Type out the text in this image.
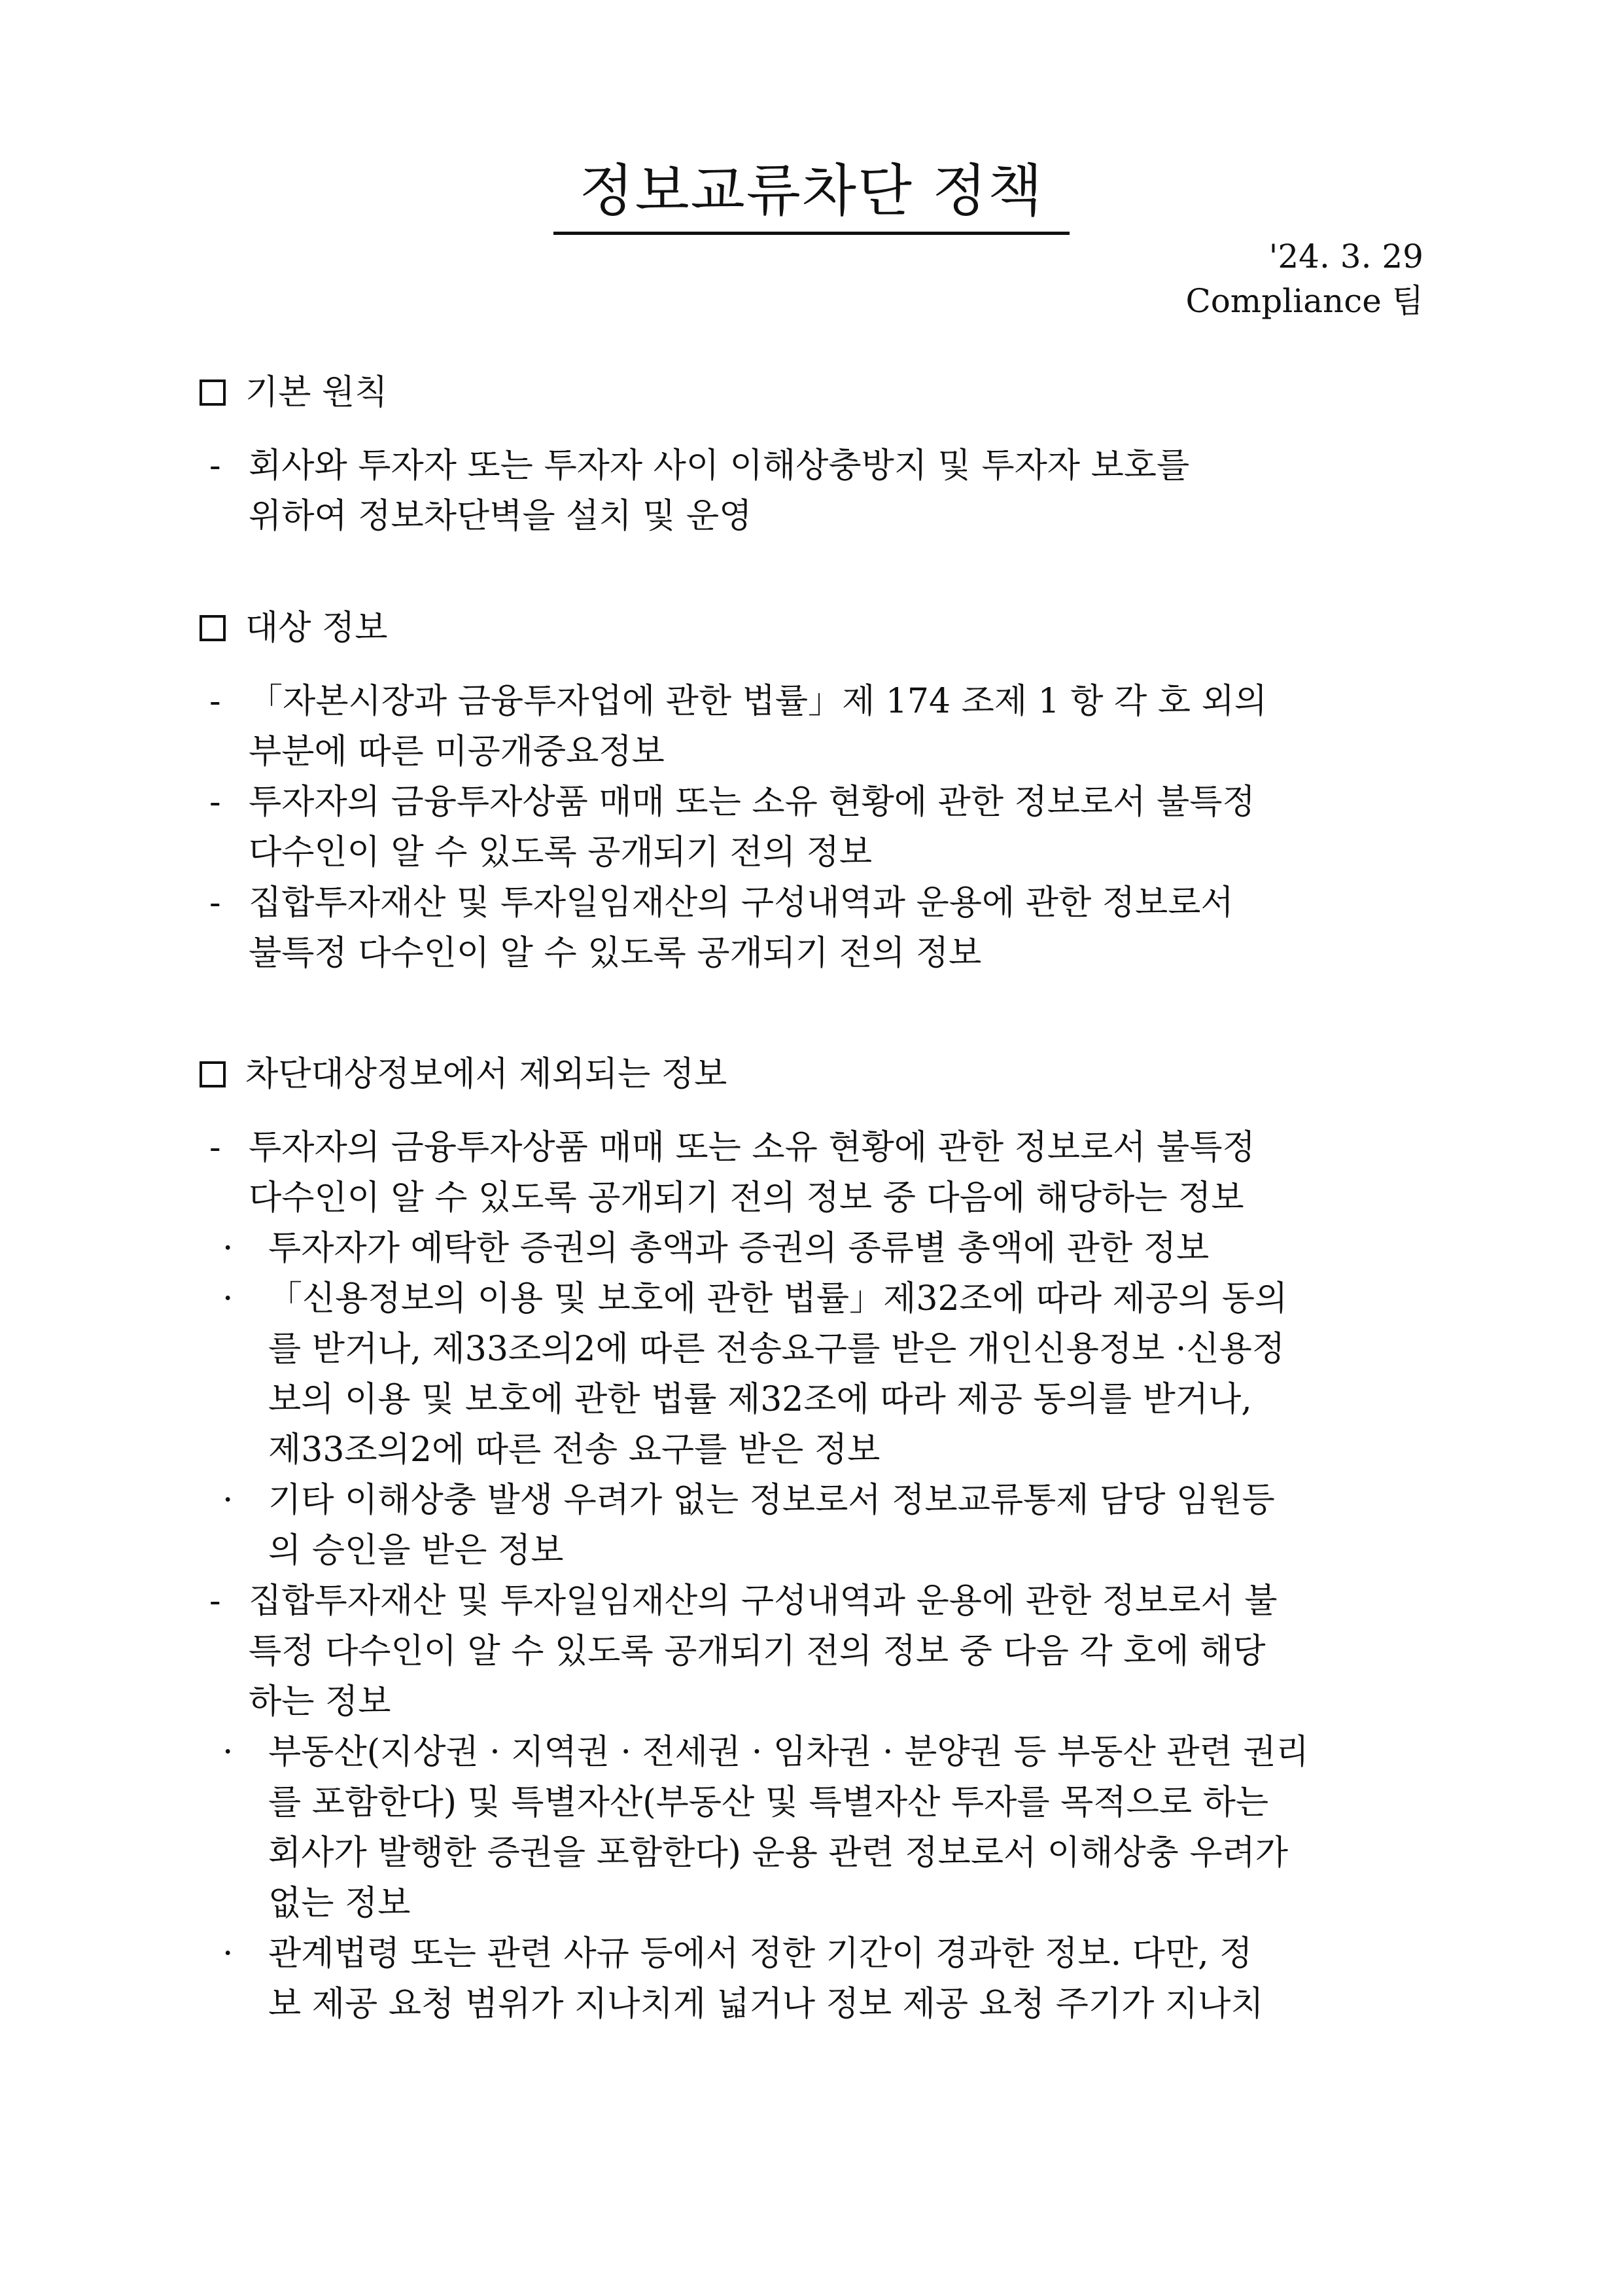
정보교류차단 정책
'24. 3. 29
Compliance 팀
기본 원칙
- 회사와 투자자 또는 투자자 사이 이해상충방지 및 투자자 보호를
위하여 정보차단벽을 설치 및 운영
대상 정보
- 「자본시장과 금융투자업에 관한 법률」제 174 조제 1 항 각 호 외의
부분에 따른 미공개중요정보
- 투자자의 금융투자상품 매매 또는 소유 현황에 관한 정보로서 불특정
다수인이 알 수 있도록 공개되기 전의 정보
- 집합투자재산 및 투자일임재산의 구성내역과 운용에 관한 정보로서
불특정 다수인이 알 수 있도록 공개되기 전의 정보
차단대상정보에서 제외되는 정보
- 투자자의 금융투자상품 매매 또는 소유 현황에 관한 정보로서 불특정
다수인이 알 수 있도록 공개되기 전의 정보 중 다음에 해당하는 정보
· 투자자가 예탁한 증권의 총액과 증권의 종류별 총액에 관한 정보
· 「신용정보의 이용 및 보호에 관한 법률」제32조에 따라 제공의 동의
를 받거나, 제33조의2에 따른 전송요구를 받은 개인신용정보 ·신용정
보의 이용 및 보호에 관한 법률 제32조에 따라 제공 동의를 받거나,
제33조의2에 따른 전송 요구를 받은 정보
· 기타 이해상충 발생 우려가 없는 정보로서 정보교류통제 담당 임원등
의 승인을 받은 정보
- 집합투자재산 및 투자일임재산의 구성내역과 운용에 관한 정보로서 불
특정 다수인이 알 수 있도록 공개되기 전의 정보 중 다음 각 호에 해당
하는 정보
· 부동산(지상권 · 지역권 · 전세권 · 임차권 · 분양권 등 부동산 관련 권리
를 포함한다) 및 특별자산(부동산 및 특별자산 투자를 목적으로 하는
회사가 발행한 증권을 포함한다) 운용 관련 정보로서 이해상충 우려가
없는 정보
· 관계법령 또는 관련 사규 등에서 정한 기간이 경과한 정보. 다만, 정
보 제공 요청 범위가 지나치게 넓거나 정보 제공 요청 주기가 지나치
